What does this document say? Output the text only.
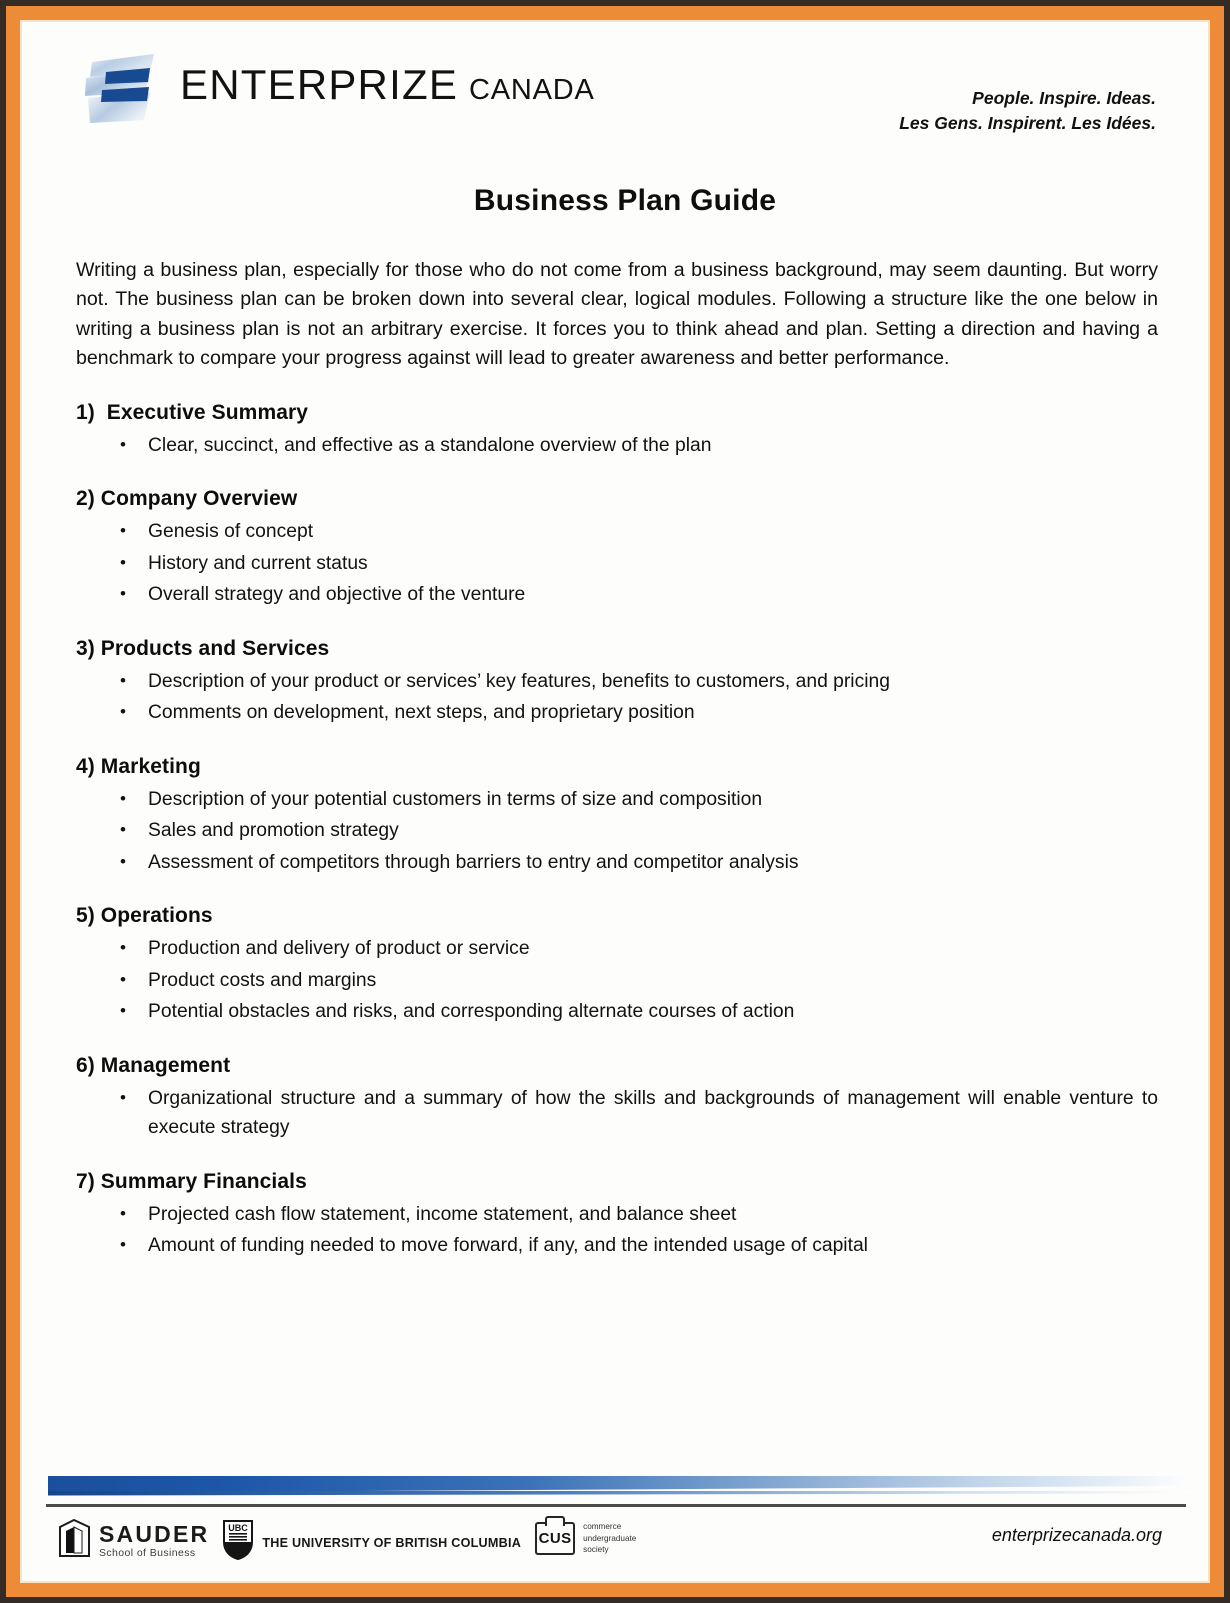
ENTERPRIZE CANADA	People. Inspire. Ideas.
Les Gens. Inspirent. Les Idées.
Business Plan Guide

Writing a business plan, especially for those who do not come from a business background, may seem daunting. But worry not. The business plan can be broken down into several clear, logical modules. Following a structure like the one below in writing a business plan is not an arbitrary exercise. It forces you to think ahead and plan. Setting a direction and having a benchmark to compare your progress against will lead to greater awareness and better performance.

1)  Executive Summary
• Clear, succinct, and effective as a standalone overview of the plan
2) Company Overview
• Genesis of concept
• History and current status
• Overall strategy and objective of the venture
3) Products and Services
• Description of your product or services’ key features, benefits to customers, and pricing
• Comments on development, next steps, and proprietary position
4) Marketing
• Description of your potential customers in terms of size and composition
• Sales and promotion strategy
• Assessment of competitors through barriers to entry and competitor analysis
5) Operations
• Production and delivery of product or service
• Product costs and margins
• Potential obstacles and risks, and corresponding alternate courses of action
6) Management
• Organizational structure and a summary of how the skills and backgrounds of management will enable venture to execute strategy
7) Summary Financials
• Projected cash flow statement, income statement, and balance sheet
• Amount of funding needed to move forward, if any, and the intended usage of capital
SAUDER
School of Business
UBC
THE UNIVERSITY OF BRITISH COLUMBIA CUS
commerce
undergraduate
society
enterprizecanada.org
